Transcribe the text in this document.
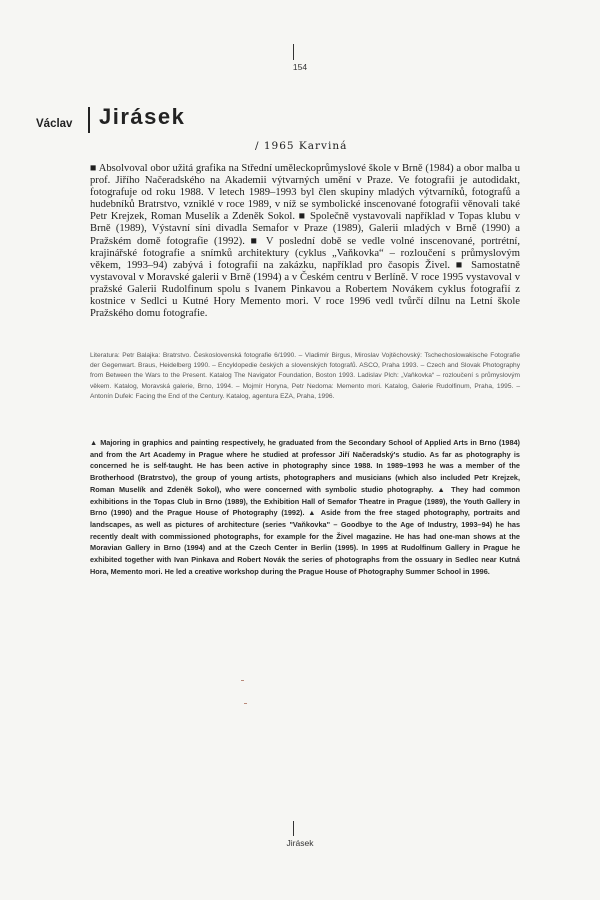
154
Václav Jirásek
/ 1965 Karviná
■ Absolvoval obor užitá grafika na Střední uměleckoprůmyslové škole v Brně (1984) a obor malba u prof. Jiřího Načeradského na Akademii výtvarných umění v Praze. Ve fotografii je autodidakt, fotografuje od roku 1988. V letech 1989–1993 byl člen skupiny mladých výtvarníků, fotografů a hudebníků Bratrstvo, vzniklé v roce 1989, v níž se symbolické inscenované fotografii věnovali také Petr Krejzek, Roman Muselík a Zdeněk Sokol. ■ Společně vystavovali například v Topas klubu v Brně (1989), Výstavní síni divadla Semafor v Praze (1989), Galerii mladých v Brně (1990) a Pražském domě fotografie (1992). ■ V poslední době se vedle volné inscenované, portrétní, krajinářské fotografie a snímků architektury (cyklus „Vaňkovka“ – rozloučení s průmyslovým věkem, 1993–94) zabývá i fotografií na zakázku, například pro časopis Živel. ■ Samostatně vystavoval v Moravské galerii v Brně (1994) a v Českém centru v Berlíně. V roce 1995 vystavoval v pražské Galerii Rudolfinum spolu s Ivanem Pinkavou a Robertem Novákem cyklus fotografií z kostnice v Sedlci u Kutné Hory Memento mori. V roce 1996 vedl tvůrčí dílnu na Letní škole Pražského domu fotografie.
Literatura: Petr Balajka: Bratrstvo. Československá fotografie 6/1990. – Vladimír Birgus, Miroslav Vojtěchovský: Tschechoslowakische Fotografie der Gegenwart. Braus, Heidelberg 1990. – Encyklopedie českých a slovenských fotografů. ASCO, Praha 1993. – Czech and Slovak Photography from Between the Wars to the Present. Katalog The Navigator Foundation, Boston 1993. Ladislav Plch: „Vaňkovka“ – rozloučení s průmyslovým věkem. Katalog, Moravská galerie, Brno, 1994. – Mojmír Horyna, Petr Nedoma: Memento mori. Katalog, Galerie Rudolfinum, Praha, 1995. – Antonín Dufek: Facing the End of the Century. Katalog, agentura EZA, Praha, 1996.
▲ Majoring in graphics and painting respectively, he graduated from the Secondary School of Applied Arts in Brno (1984) and from the Art Academy in Prague where he studied at professor Jiří Načeradský's studio. As far as photography is concerned he is self-taught. He has been active in photography since 1988. In 1989–1993 he was a member of the Brotherhood (Bratrstvo), the group of young artists, photographers and musicians (which also included Petr Krejzek, Roman Muselík and Zdeněk Sokol), who were concerned with symbolic studio photography. ▲ They had common exhibitions in the Topas Club in Brno (1989), the Exhibition Hall of Semafor Theatre in Prague (1989), the Youth Gallery in Brno (1990) and the Prague House of Photography (1992). ▲ Aside from the free staged photography, portraits and landscapes, as well as pictures of architecture (series "Vaňkovka" – Goodbye to the Age of Industry, 1993–94) he has recently dealt with commissioned photographs, for example for the Živel magazine. He has had one-man shows at the Moravian Gallery in Brno (1994) and at the Czech Center in Berlin (1995). In 1995 at Rudolfinum Gallery in Prague he exhibited together with Ivan Pinkava and Robert Novák the series of photographs from the ossuary in Sedlec near Kutná Hora, Memento mori. He led a creative workshop during the Prague House of Photography Summer School in 1996.
Jirásek
